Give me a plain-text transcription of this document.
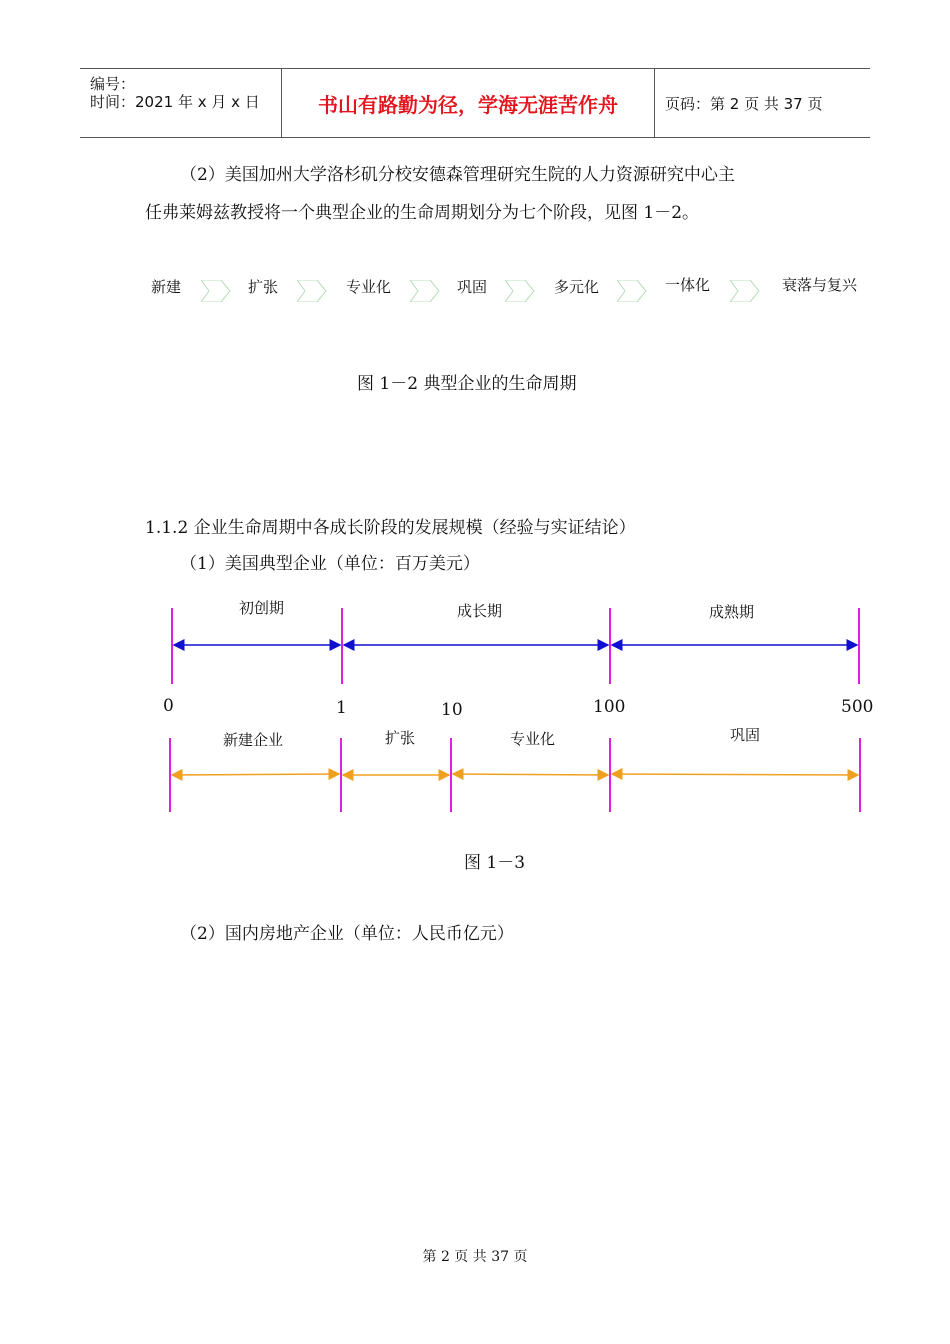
编号：
时间：2021 年 x 月 x 日	书山有路勤为径，学海无涯苦作舟	页码：第 2 页 共 37 页
（2）美国加州大学洛杉矶分校安德森管理研究生院的人力资源研究中心主
任弗莱姆兹教授将一个典型企业的生命周期划分为七个阶段，见图 1－2。
新建	扩张	专业化	巩固	多元化	一体化	衰落与复兴
图 1－2 典型企业的生命周期
1.1.2 企业生命周期中各成长阶段的发展规模（经验与实证结论）
（1）美国典型企业（单位：百万美元）
初创期	成长期	成熟期
0	1	10	100	500
新建企业	扩张	专业化	巩固
图 1－3
（2）国内房地产企业（单位：人民币亿元）
第 2 页 共 37 页
